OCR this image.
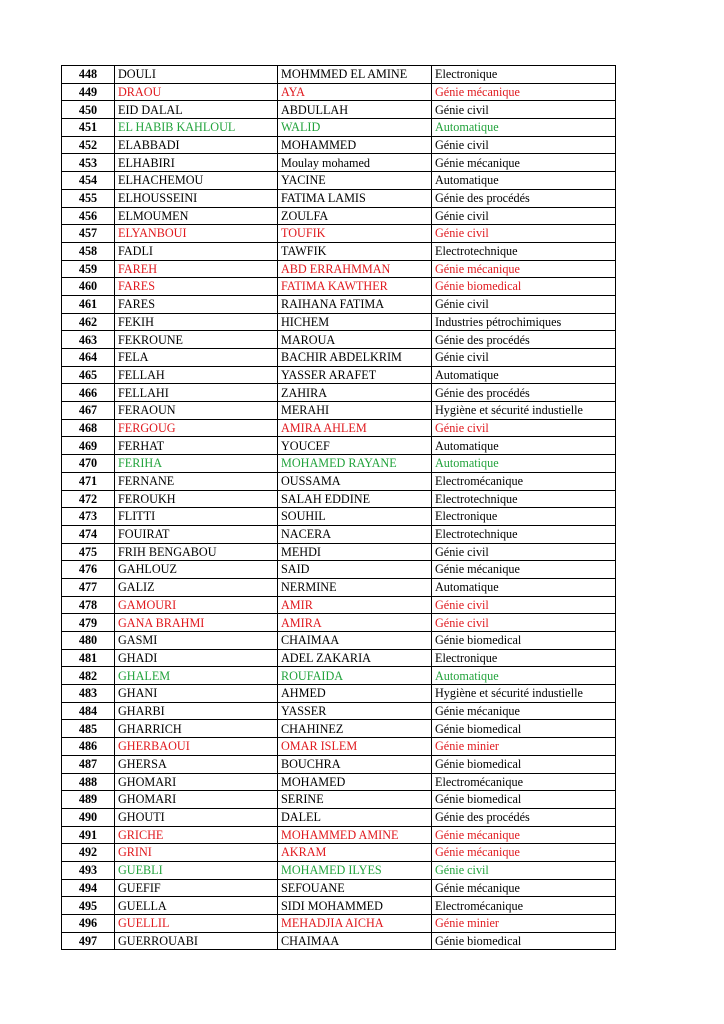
448	DOULI	MOHMMED EL AMINE	Electronique
449	DRAOU	AYA	Génie mécanique
450	EID DALAL	ABDULLAH	Génie civil
451	EL HABIB KAHLOUL	WALID	Automatique
452	ELABBADI	MOHAMMED	Génie civil
453	ELHABIRI	Moulay mohamed	Génie mécanique
454	ELHACHEMOU	YACINE	Automatique
455	ELHOUSSEINI	FATIMA LAMIS	Génie des procédés
456	ELMOUMEN	ZOULFA	Génie civil
457	ELYANBOUI	TOUFIK	Génie civil
458	FADLI	TAWFIK	Electrotechnique
459	FAREH	ABD ERRAHMMAN	Génie mécanique
460	FARES	FATIMA KAWTHER	Génie biomedical
461	FARES	RAIHANA FATIMA	Génie civil
462	FEKIH	HICHEM	Industries pétrochimiques
463	FEKROUNE	MAROUA	Génie des procédés
464	FELA	BACHIR ABDELKRIM	Génie civil
465	FELLAH	YASSER ARAFET	Automatique
466	FELLAHI	ZAHIRA	Génie des procédés
467	FERAOUN	MERAHI	Hygiène et sécurité industielle
468	FERGOUG	AMIRA AHLEM	Génie civil
469	FERHAT	YOUCEF	Automatique
470	FERIHA	MOHAMED RAYANE	Automatique
471	FERNANE	OUSSAMA	Electromécanique
472	FEROUKH	SALAH EDDINE	Electrotechnique
473	FLITTI	SOUHIL	Electronique
474	FOUIRAT	NACERA	Electrotechnique
475	FRIH BENGABOU	MEHDI	Génie civil
476	GAHLOUZ	SAID	Génie mécanique
477	GALIZ	NERMINE	Automatique
478	GAMOURI	AMIR	Génie civil
479	GANA BRAHMI	AMIRA	Génie civil
480	GASMI	CHAIMAA	Génie biomedical
481	GHADI	ADEL ZAKARIA	Electronique
482	GHALEM	ROUFAIDA	Automatique
483	GHANI	AHMED	Hygiène et sécurité industielle
484	GHARBI	YASSER	Génie mécanique
485	GHARRICH	CHAHINEZ	Génie biomedical
486	GHERBAOUI	OMAR ISLEM	Génie minier
487	GHERSA	BOUCHRA	Génie biomedical
488	GHOMARI	MOHAMED	Electromécanique
489	GHOMARI	SERINE	Génie biomedical
490	GHOUTI	DALEL	Génie des procédés
491	GRICHE	MOHAMMED AMINE	Génie mécanique
492	GRINI	AKRAM	Génie mécanique
493	GUEBLI	MOHAMED ILYES	Génie civil
494	GUEFIF	SEFOUANE	Génie mécanique
495	GUELLA	SIDI MOHAMMED	Electromécanique
496	GUELLIL	MEHADJIA AICHA	Génie minier
497	GUERROUABI	CHAIMAA	Génie biomedical
